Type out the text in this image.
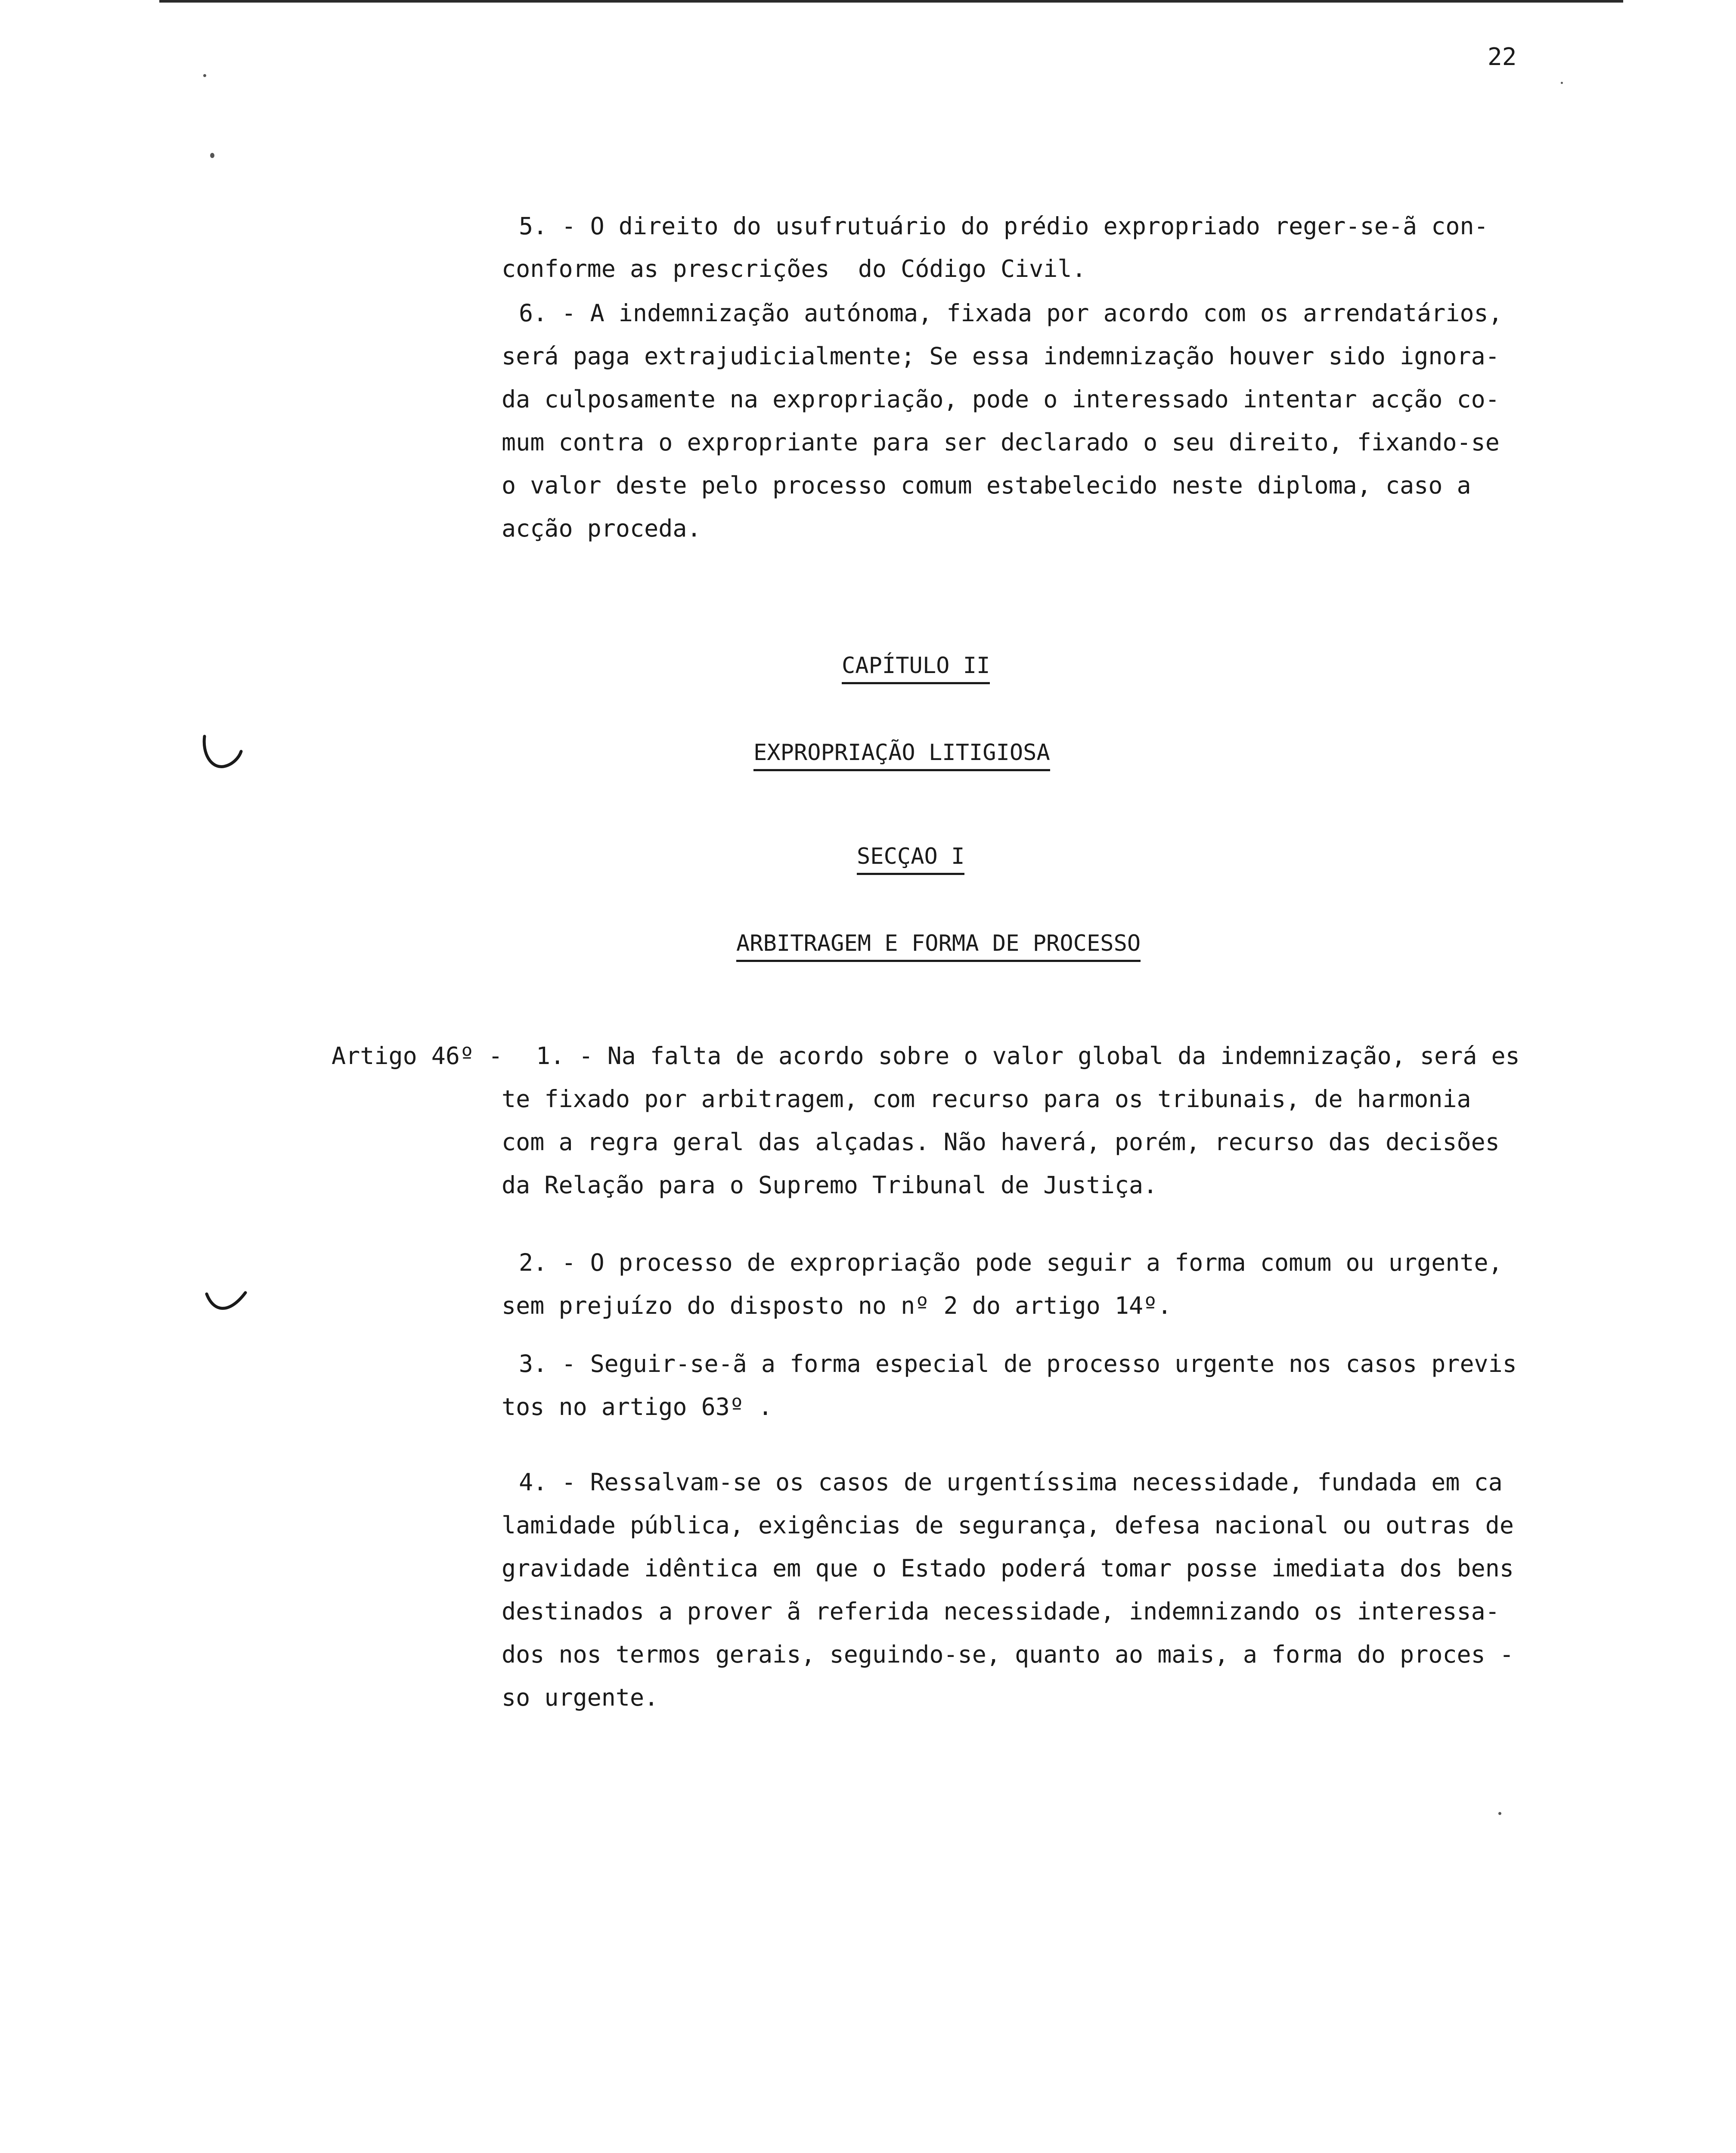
22
5. - O direito do usufrutuário do prédio expropriado reger-se-ã con-
conforme as prescrições  do Código Civil.
6. - A indemnização autónoma, fixada por acordo com os arrendatários,
será paga extrajudicialmente; Se essa indemnização houver sido ignora-
da culposamente na expropriação, pode o interessado intentar acção co-
mum contra o expropriante para ser declarado o seu direito, fixando-se
o valor deste pelo processo comum estabelecido neste diploma, caso a
acção proceda.
CAPÍTULO II
EXPROPRIAÇÃO LITIGIOSA
SECÇAO I
ARBITRAGEM E FORMA DE PROCESSO
Artigo 46º - 1. - Na falta de acordo sobre o valor global da indemnização, será es
te fixado por arbitragem, com recurso para os tribunais, de harmonia
com a regra geral das alçadas. Não haverá, porém, recurso das decisões
da Relação para o Supremo Tribunal de Justiça.
2. - O processo de expropriação pode seguir a forma comum ou urgente,
sem prejuízo do disposto no nº 2 do artigo 14º.
3. - Seguir-se-ã a forma especial de processo urgente nos casos previs
tos no artigo 63º .
4. - Ressalvam-se os casos de urgentíssima necessidade, fundada em ca
lamidade pública, exigências de segurança, defesa nacional ou outras de
gravidade idêntica em que o Estado poderá tomar posse imediata dos bens
destinados a prover ã referida necessidade, indemnizando os interessa-
dos nos termos gerais, seguindo-se, quanto ao mais, a forma do proces -
so urgente.
